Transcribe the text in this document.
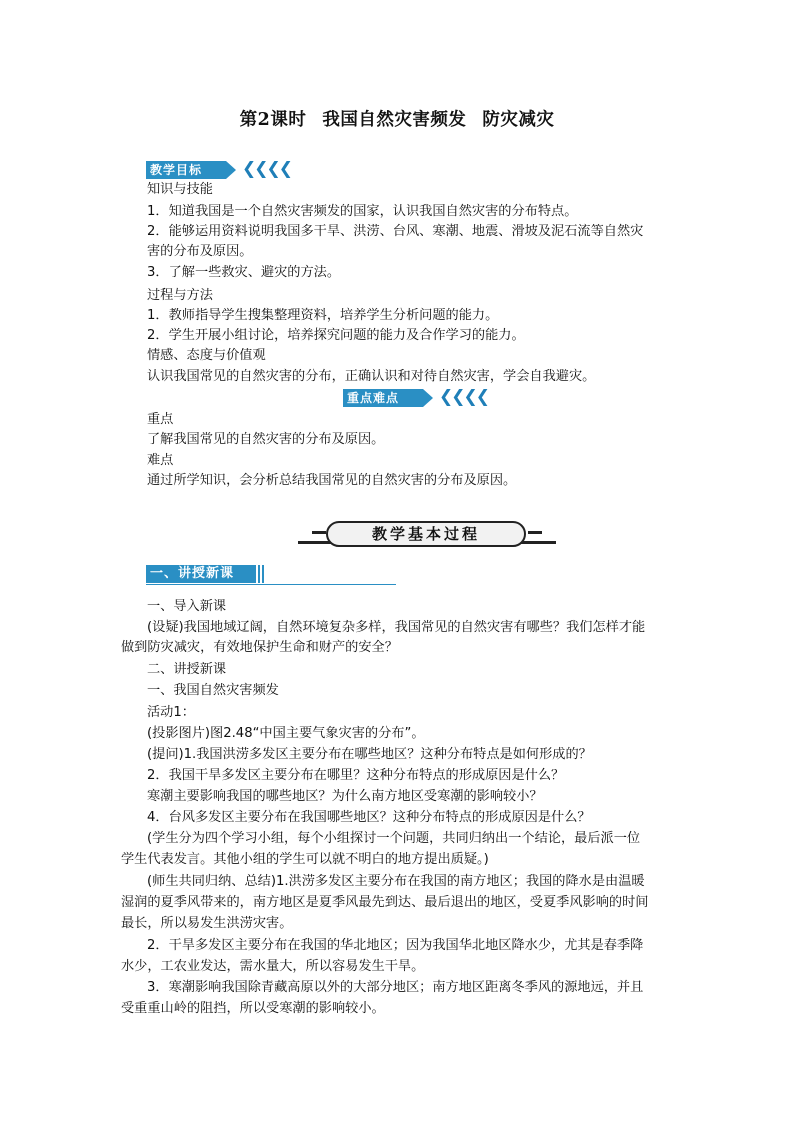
第2课时 我国自然灾害频发 防灾减灾
教学目标	❮❮❮❮
知识与技能
1．知道我国是一个自然灾害频发的国家，认识我国自然灾害的分布特点。
2．能够运用资料说明我国多干旱、洪涝、台风、寒潮、地震、滑坡及泥石流等自然灾
害的分布及原因。
3．了解一些救灾、避灾的方法。
过程与方法
1．教师指导学生搜集整理资料，培养学生分析问题的能力。
2．学生开展小组讨论，培养探究问题的能力及合作学习的能力。
情感、态度与价值观
认识我国常见的自然灾害的分布，正确认识和对待自然灾害，学会自我避灾。
重点难点	❮❮❮❮
重点
了解我国常见的自然灾害的分布及原因。
难点
通过所学知识，会分析总结我国常见的自然灾害的分布及原因。
教学基本过程
一、讲授新课
一、导入新课
(设疑)我国地域辽阔，自然环境复杂多样，我国常见的自然灾害有哪些？我们怎样才能
做到防灾减灾，有效地保护生命和财产的安全？
二、讲授新课
一、我国自然灾害频发
活动1：
(投影图片)图2.48“中国主要气象灾害的分布”。
(提问)1.我国洪涝多发区主要分布在哪些地区？这种分布特点是如何形成的？
2．我国干旱多发区主要分布在哪里？这种分布特点的形成原因是什么？
寒潮主要影响我国的哪些地区？为什么南方地区受寒潮的影响较小？
4．台风多发区主要分布在我国哪些地区？这种分布特点的形成原因是什么？
(学生分为四个学习小组，每个小组探讨一个问题，共同归纳出一个结论，最后派一位
学生代表发言。其他小组的学生可以就不明白的地方提出质疑。)
(师生共同归纳、总结)1.洪涝多发区主要分布在我国的南方地区；我国的降水是由温暖
湿润的夏季风带来的，南方地区是夏季风最先到达、最后退出的地区，受夏季风影响的时间
最长，所以易发生洪涝灾害。
2．干旱多发区主要分布在我国的华北地区；因为我国华北地区降水少，尤其是春季降
水少，工农业发达，需水量大，所以容易发生干旱。
3．寒潮影响我国除青藏高原以外的大部分地区；南方地区距离冬季风的源地远，并且
受重重山岭的阻挡，所以受寒潮的影响较小。
